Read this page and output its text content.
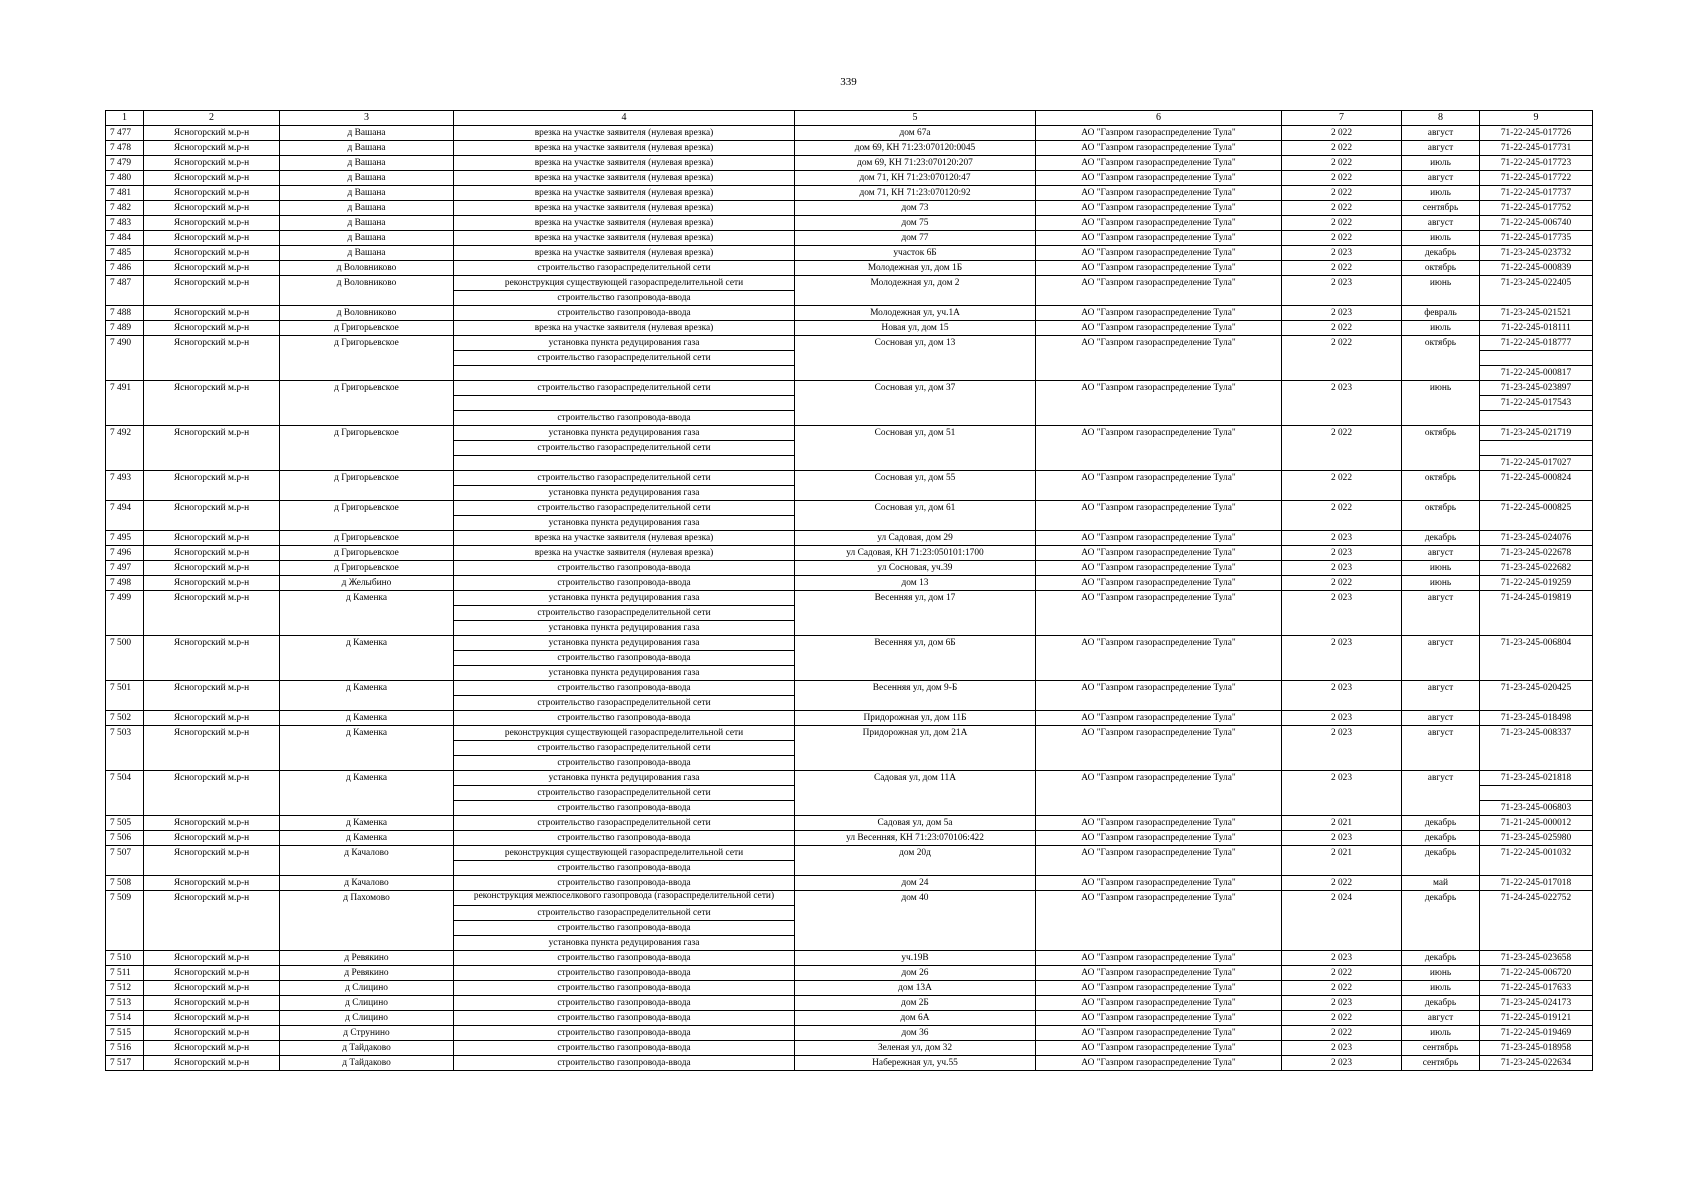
339
1	2	3	4	5	6	7	8	9
7 477	Ясногорский м.р-н	д Вашана	врезка на участке заявителя (нулевая врезка)	дом 67а	АО "Газпром газораспределение Тула"	2 022	август	71-22-245-017726
7 478	Ясногорский м.р-н	д Вашана	врезка на участке заявителя (нулевая врезка)	дом 69, КН 71:23:070120:0045	АО "Газпром газораспределение Тула"	2 022	август	71-22-245-017731
7 479	Ясногорский м.р-н	д Вашана	врезка на участке заявителя (нулевая врезка)	дом 69, КН 71:23:070120:207	АО "Газпром газораспределение Тула"	2 022	июль	71-22-245-017723
7 480	Ясногорский м.р-н	д Вашана	врезка на участке заявителя (нулевая врезка)	дом 71, КН 71:23:070120:47	АО "Газпром газораспределение Тула"	2 022	август	71-22-245-017722
7 481	Ясногорский м.р-н	д Вашана	врезка на участке заявителя (нулевая врезка)	дом 71, КН 71:23:070120:92	АО "Газпром газораспределение Тула"	2 022	июль	71-22-245-017737
7 482	Ясногорский м.р-н	д Вашана	врезка на участке заявителя (нулевая врезка)	дом 73	АО "Газпром газораспределение Тула"	2 022	сентябрь	71-22-245-017752
7 483	Ясногорский м.р-н	д Вашана	врезка на участке заявителя (нулевая врезка)	дом 75	АО "Газпром газораспределение Тула"	2 022	август	71-22-245-006740
7 484	Ясногорский м.р-н	д Вашана	врезка на участке заявителя (нулевая врезка)	дом 77	АО "Газпром газораспределение Тула"	2 022	июль	71-22-245-017735
7 485	Ясногорский м.р-н	д Вашана	врезка на участке заявителя (нулевая врезка)	участок 6Б	АО "Газпром газораспределение Тула"	2 023	декабрь	71-23-245-023732
7 486	Ясногорский м.р-н	д Воловниково	строительство газораспределительной сети	Молодежная ул, дом 1Б	АО "Газпром газораспределение Тула"	2 022	октябрь	71-22-245-000839
7 487	Ясногорский м.р-н	д Воловниково	реконструкция существующей газораспределительной сети	Молодежная ул, дом 2	АО "Газпром газораспределение Тула"	2 023	июнь	71-23-245-022405
			строительство газопровода-ввода					
7 488	Ясногорский м.р-н	д Воловниково	строительство газопровода-ввода	Молодежная ул, уч.1А	АО "Газпром газораспределение Тула"	2 023	февраль	71-23-245-021521
7 489	Ясногорский м.р-н	д Григорьевское	врезка на участке заявителя (нулевая врезка)	Новая ул, дом 15	АО "Газпром газораспределение Тула"	2 022	июль	71-22-245-018111
7 490	Ясногорский м.р-н	д Григорьевское	установка пункта редуцирования газа	Сосновая ул, дом 13	АО "Газпром газораспределение Тула"	2 022	октябрь	71-22-245-018777
			строительство газораспределительной сети					
								71-22-245-000817
7 491	Ясногорский м.р-н	д Григорьевское	строительство газораспределительной сети	Сосновая ул, дом 37	АО "Газпром газораспределение Тула"	2 023	июнь	71-23-245-023897
								71-22-245-017543
			строительство газопровода-ввода					
7 492	Ясногорский м.р-н	д Григорьевское	установка пункта редуцирования газа	Сосновая ул, дом 51	АО "Газпром газораспределение Тула"	2 022	октябрь	71-23-245-021719
			строительство газораспределительной сети					
								71-22-245-017027
7 493	Ясногорский м.р-н	д Григорьевское	строительство газораспределительной сети	Сосновая ул, дом 55	АО "Газпром газораспределение Тула"	2 022	октябрь	71-22-245-000824
			установка пункта редуцирования газа					
7 494	Ясногорский м.р-н	д Григорьевское	строительство газораспределительной сети	Сосновая ул, дом 61	АО "Газпром газораспределение Тула"	2 022	октябрь	71-22-245-000825
			установка пункта редуцирования газа					
7 495	Ясногорский м.р-н	д Григорьевское	врезка на участке заявителя (нулевая врезка)	ул Садовая, дом 29	АО "Газпром газораспределение Тула"	2 023	декабрь	71-23-245-024076
7 496	Ясногорский м.р-н	д Григорьевское	врезка на участке заявителя (нулевая врезка)	ул Садовая, КН 71:23:050101:1700	АО "Газпром газораспределение Тула"	2 023	август	71-23-245-022678
7 497	Ясногорский м.р-н	д Григорьевское	строительство газопровода-ввода	ул Сосновая, уч.39	АО "Газпром газораспределение Тула"	2 023	июнь	71-23-245-022682
7 498	Ясногорский м.р-н	д Желыбино	строительство газопровода-ввода	дом 13	АО "Газпром газораспределение Тула"	2 022	июнь	71-22-245-019259
7 499	Ясногорский м.р-н	д Каменка	установка пункта редуцирования газа	Весенняя ул, дом 17	АО "Газпром газораспределение Тула"	2 023	август	71-24-245-019819
			строительство газораспределительной сети					
			установка пункта редуцирования газа					
7 500	Ясногорский м.р-н	д Каменка	установка пункта редуцирования газа	Весенняя ул, дом 6Б	АО "Газпром газораспределение Тула"	2 023	август	71-23-245-006804
			строительство газопровода-ввода					
			установка пункта редуцирования газа					
7 501	Ясногорский м.р-н	д Каменка	строительство газопровода-ввода	Весенняя ул, дом 9-Б	АО "Газпром газораспределение Тула"	2 023	август	71-23-245-020425
			строительство газораспределительной сети					
7 502	Ясногорский м.р-н	д Каменка	строительство газопровода-ввода	Придорожная ул, дом 11Б	АО "Газпром газораспределение Тула"	2 023	август	71-23-245-018498
7 503	Ясногорский м.р-н	д Каменка	реконструкция существующей газораспределительной сети	Придорожная ул, дом 21А	АО "Газпром газораспределение Тула"	2 023	август	71-23-245-008337
			строительство газораспределительной сети					
			строительство газопровода-ввода					
7 504	Ясногорский м.р-н	д Каменка	установка пункта редуцирования газа	Садовая ул, дом 11А	АО "Газпром газораспределение Тула"	2 023	август	71-23-245-021818
			строительство газораспределительной сети					
			строительство газопровода-ввода					71-23-245-006803
7 505	Ясногорский м.р-н	д Каменка	строительство газораспределительной сети	Садовая ул, дом 5а	АО "Газпром газораспределение Тула"	2 021	декабрь	71-21-245-000012
7 506	Ясногорский м.р-н	д Каменка	строительство газопровода-ввода	ул Весенняя, КН 71:23:070106:422	АО "Газпром газораспределение Тула"	2 023	декабрь	71-23-245-025980
7 507	Ясногорский м.р-н	д Качалово	реконструкция существующей газораспределительной сети	дом 20д	АО "Газпром газораспределение Тула"	2 021	декабрь	71-22-245-001032
			строительство газопровода-ввода					
7 508	Ясногорский м.р-н	д Качалово	строительство газопровода-ввода	дом 24	АО "Газпром газораспределение Тула"	2 022	май	71-22-245-017018
7 509	Ясногорский м.р-н	д Пахомово	реконструкция межпоселкового газопровода (газораспределительной сети)	дом 40	АО "Газпром газораспределение Тула"	2 024	декабрь	71-24-245-022752
			строительство газораспределительной сети					
			строительство газопровода-ввода					
			установка пункта редуцирования газа					
7 510	Ясногорский м.р-н	д Ревякино	строительство газопровода-ввода	уч.19В	АО "Газпром газораспределение Тула"	2 023	декабрь	71-23-245-023658
7 511	Ясногорский м.р-н	д Ревякино	строительство газопровода-ввода	дом 26	АО "Газпром газораспределение Тула"	2 022	июнь	71-22-245-006720
7 512	Ясногорский м.р-н	д Слицино	строительство газопровода-ввода	дом 13А	АО "Газпром газораспределение Тула"	2 022	июль	71-22-245-017633
7 513	Ясногорский м.р-н	д Слицино	строительство газопровода-ввода	дом 2Б	АО "Газпром газораспределение Тула"	2 023	декабрь	71-23-245-024173
7 514	Ясногорский м.р-н	д Слицино	строительство газопровода-ввода	дом 6А	АО "Газпром газораспределение Тула"	2 022	август	71-22-245-019121
7 515	Ясногорский м.р-н	д Струнино	строительство газопровода-ввода	дом 36	АО "Газпром газораспределение Тула"	2 022	июль	71-22-245-019469
7 516	Ясногорский м.р-н	д Тайдаково	строительство газопровода-ввода	Зеленая ул, дом 32	АО "Газпром газораспределение Тула"	2 023	сентябрь	71-23-245-018958
7 517	Ясногорский м.р-н	д Тайдаково	строительство газопровода-ввода	Набережная ул, уч.55	АО "Газпром газораспределение Тула"	2 023	сентябрь	71-23-245-022634
